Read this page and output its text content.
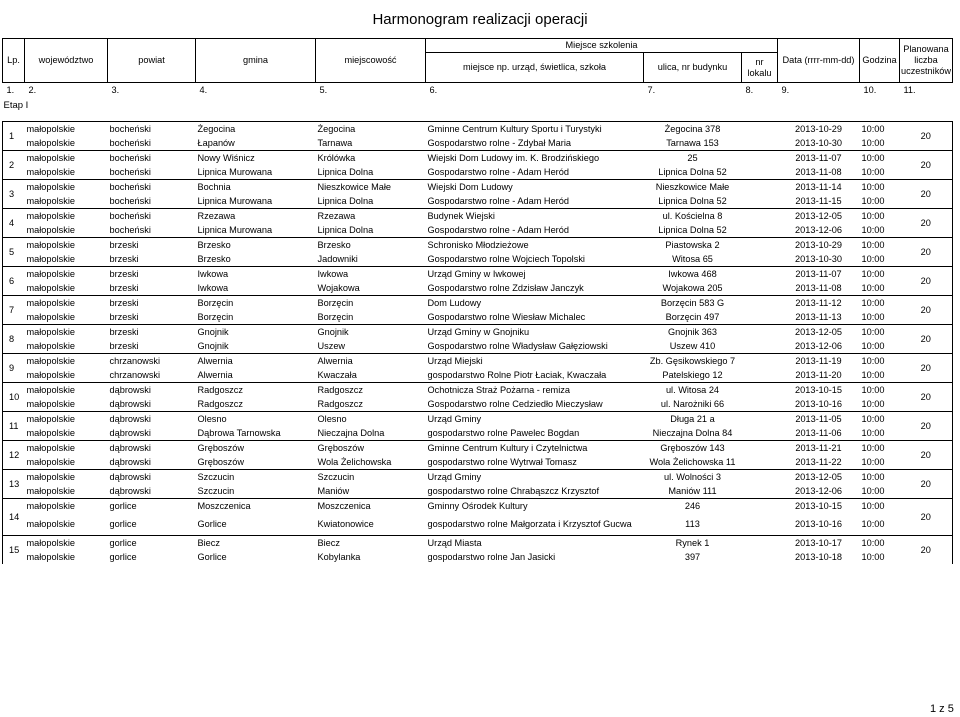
Harmonogram realizacji operacji
Lp.	województwo	powiat	gmina	miejscowość	Miejsce szkolenia			Data (rrrr-mm-dd)	Godzina	Planowana liczba uczestników
					miejsce np. urząd, świetlica, szkoła	ulica, nr budynku	nr lokalu			
1.	2.	3.	4.	5.	6.	7.	8.	9.	10.	11.
Etap I										

1	małopolskie	bocheński	Żegocina	Żegocina	Gminne Centrum Kultury Sportu i Turystyki	Żegocina 378		2013-10-29	10:00	20
	małopolskie	bocheński	Łapanów	Tarnawa	Gospodarstwo rolne - Zdybał Maria	Tarnawa 153		2013-10-30	10:00	
2	małopolskie	bocheński	Nowy Wiśnicz	Królówka	Wiejski Dom Ludowy im. K. Brodzińskiego	25		2013-11-07	10:00	20
	małopolskie	bocheński	Lipnica Murowana	Lipnica Dolna	Gospodarstwo rolne - Adam Heród	Lipnica Dolna 52		2013-11-08	10:00	
3	małopolskie	bocheński	Bochnia	Nieszkowice Małe	Wiejski Dom Ludowy	Nieszkowice Małe		2013-11-14	10:00	20
	małopolskie	bocheński	Lipnica Murowana	Lipnica Dolna	Gospodarstwo rolne - Adam Heród	Lipnica Dolna 52		2013-11-15	10:00	
4	małopolskie	bocheński	Rzezawa	Rzezawa	Budynek Wiejski	ul. Kościelna 8		2013-12-05	10:00	20
	małopolskie	bocheński	Lipnica Murowana	Lipnica Dolna	Gospodarstwo rolne - Adam Heród	Lipnica Dolna 52		2013-12-06	10:00	
5	małopolskie	brzeski	Brzesko	Brzesko	Schronisko Młodzieżowe	Piastowska 2		2013-10-29	10:00	20
	małopolskie	brzeski	Brzesko	Jadowniki	Gospodarstwo rolne Wojciech Topolski	Witosa 65		2013-10-30	10:00	
6	małopolskie	brzeski	Iwkowa	Iwkowa	Urząd Gminy w Iwkowej	Iwkowa 468		2013-11-07	10:00	20
	małopolskie	brzeski	Iwkowa	Wojakowa	Gospodarstwo rolne Zdzisław Janczyk	Wojakowa 205		2013-11-08	10:00	
7	małopolskie	brzeski	Borzęcin	Borzęcin	Dom Ludowy	Borzęcin 583 G		2013-11-12	10:00	20
	małopolskie	brzeski	Borzęcin	Borzęcin	Gospodarstwo rolne Wiesław Michalec	Borzęcin 497		2013-11-13	10:00	
8	małopolskie	brzeski	Gnojnik	Gnojnik	Urząd Gminy w Gnojniku	Gnojnik 363		2013-12-05	10:00	20
	małopolskie	brzeski	Gnojnik	Uszew	Gospodarstwo rolne Władysław Gałęziowski	Uszew 410		2013-12-06	10:00	
9	małopolskie	chrzanowski	Alwernia	Alwernia	Urząd Miejski	Zb. Gęsikowskiego 7		2013-11-19	10:00	20
	małopolskie	chrzanowski	Alwernia	Kwaczała	gospodarstwo Rolne Piotr Łaciak, Kwaczała	Patelskiego 12		2013-11-20	10:00	
10	małopolskie	dąbrowski	Radgoszcz	Radgoszcz	Ochotnicza Straż Pożarna - remiza	ul. Witosa 24		2013-10-15	10:00	20
	małopolskie	dąbrowski	Radgoszcz	Radgoszcz	Gospodarstwo rolne Cedziedło Mieczysław	ul. Narożniki 66		2013-10-16	10:00	
11	małopolskie	dąbrowski	Olesno	Olesno	Urząd Gminy	Długa 21 a		2013-11-05	10:00	20
	małopolskie	dąbrowski	Dąbrowa Tarnowska	Nieczajna Dolna	gospodarstwo rolne Pawelec Bogdan	Nieczajna Dolna 84		2013-11-06	10:00	
12	małopolskie	dąbrowski	Gręboszów	Gręboszów	Gminne Centrum Kultury i Czytelnictwa	Gręboszów 143		2013-11-21	10:00	20
	małopolskie	dąbrowski	Gręboszów	Wola Żelichowska	gospodarstwo rolne Wytrwał Tomasz	Wola Żelichowska 11		2013-11-22	10:00	
13	małopolskie	dąbrowski	Szczucin	Szczucin	Urząd Gminy	ul. Wolności 3		2013-12-05	10:00	20
	małopolskie	dąbrowski	Szczucin	Maniów	gospodarstwo rolne Chrabąszcz Krzysztof	Maniów 111		2013-12-06	10:00	
14	małopolskie	gorlice	Moszczenica	Moszczenica	Gminny Ośrodek Kultury	246		2013-10-15	10:00	20
	małopolskie	gorlice	Gorlice	Kwiatonowice	gospodarstwo rolne Małgorzata i Krzysztof Gucwa	113		2013-10-16	10:00	
15	małopolskie	gorlice	Biecz	Biecz	Urząd Miasta	Rynek 1		2013-10-17	10:00	20
	małopolskie	gorlice	Gorlice	Kobylanka	gospodarstwo rolne Jan Jasicki	397		2013-10-18	10:00	
1 z 5
